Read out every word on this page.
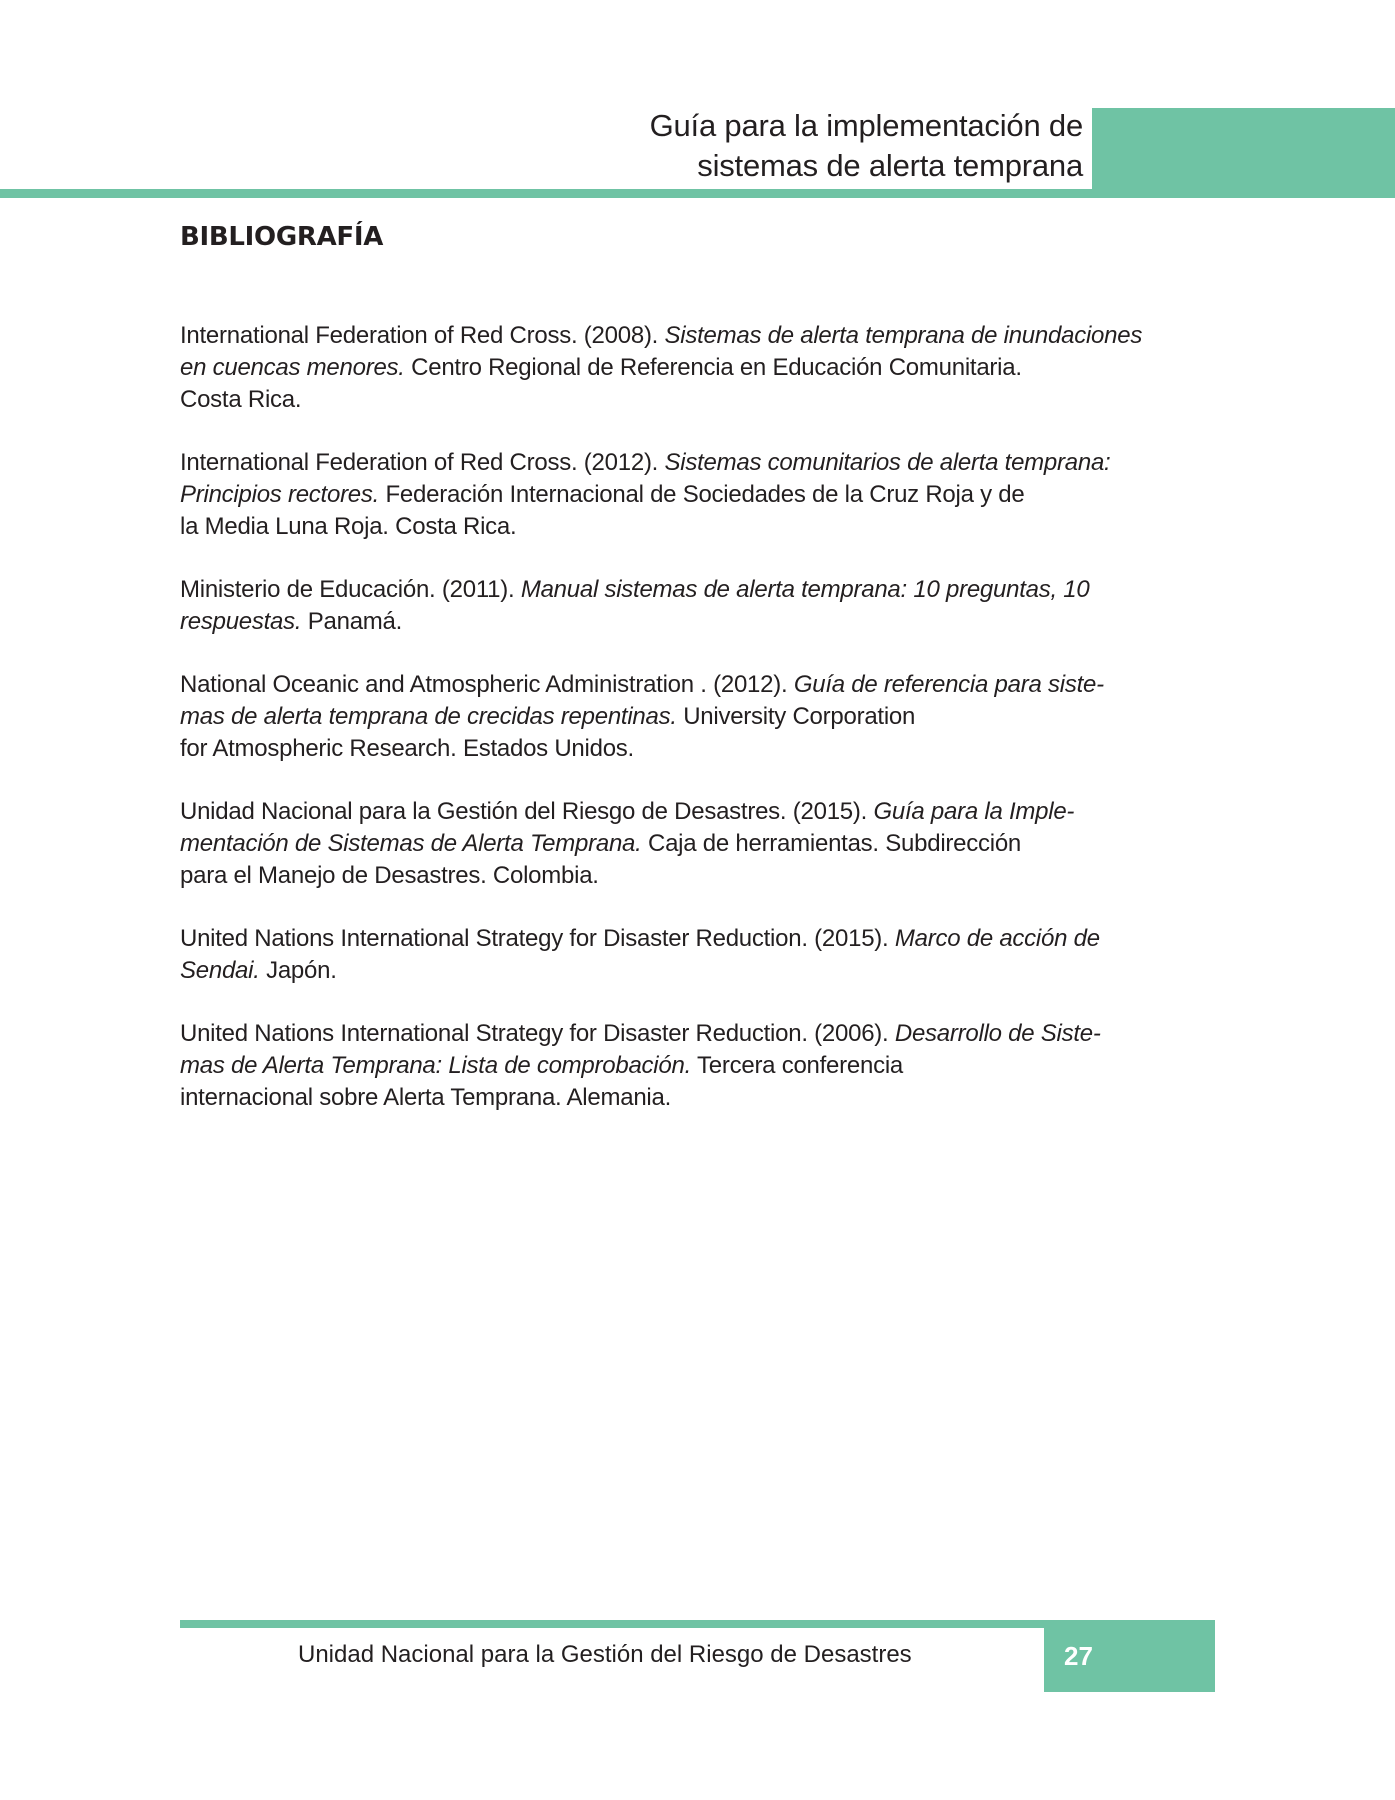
Guía para la implementación de
sistemas de alerta temprana
BIBLIOGRAFÍA
International Federation of Red Cross. (2008). Sistemas de alerta temprana de inundaciones
en cuencas menores. Centro Regional de Referencia en Educación Comunitaria.
Costa Rica.
International Federation of Red Cross. (2012). Sistemas comunitarios de alerta temprana:
Principios rectores. Federación Internacional de Sociedades de la Cruz Roja y de
la Media Luna Roja. Costa Rica.
Ministerio de Educación. (2011). Manual sistemas de alerta temprana: 10 preguntas, 10
respuestas. Panamá.
National Oceanic and Atmospheric Administration . (2012). Guía de referencia para siste-
mas de alerta temprana de crecidas repentinas. University Corporation
for Atmospheric Research. Estados Unidos.
Unidad Nacional para la Gestión del Riesgo de Desastres. (2015). Guía para la Imple-
mentación de Sistemas de Alerta Temprana. Caja de herramientas. Subdirección
para el Manejo de Desastres. Colombia.
United Nations International Strategy for Disaster Reduction. (2015). Marco de acción de
Sendai. Japón.
United Nations International Strategy for Disaster Reduction. (2006). Desarrollo de Siste-
mas de Alerta Temprana: Lista de comprobación. Tercera conferencia
internacional sobre Alerta Temprana. Alemania.
Unidad Nacional para la Gestión del Riesgo de Desastres	27
